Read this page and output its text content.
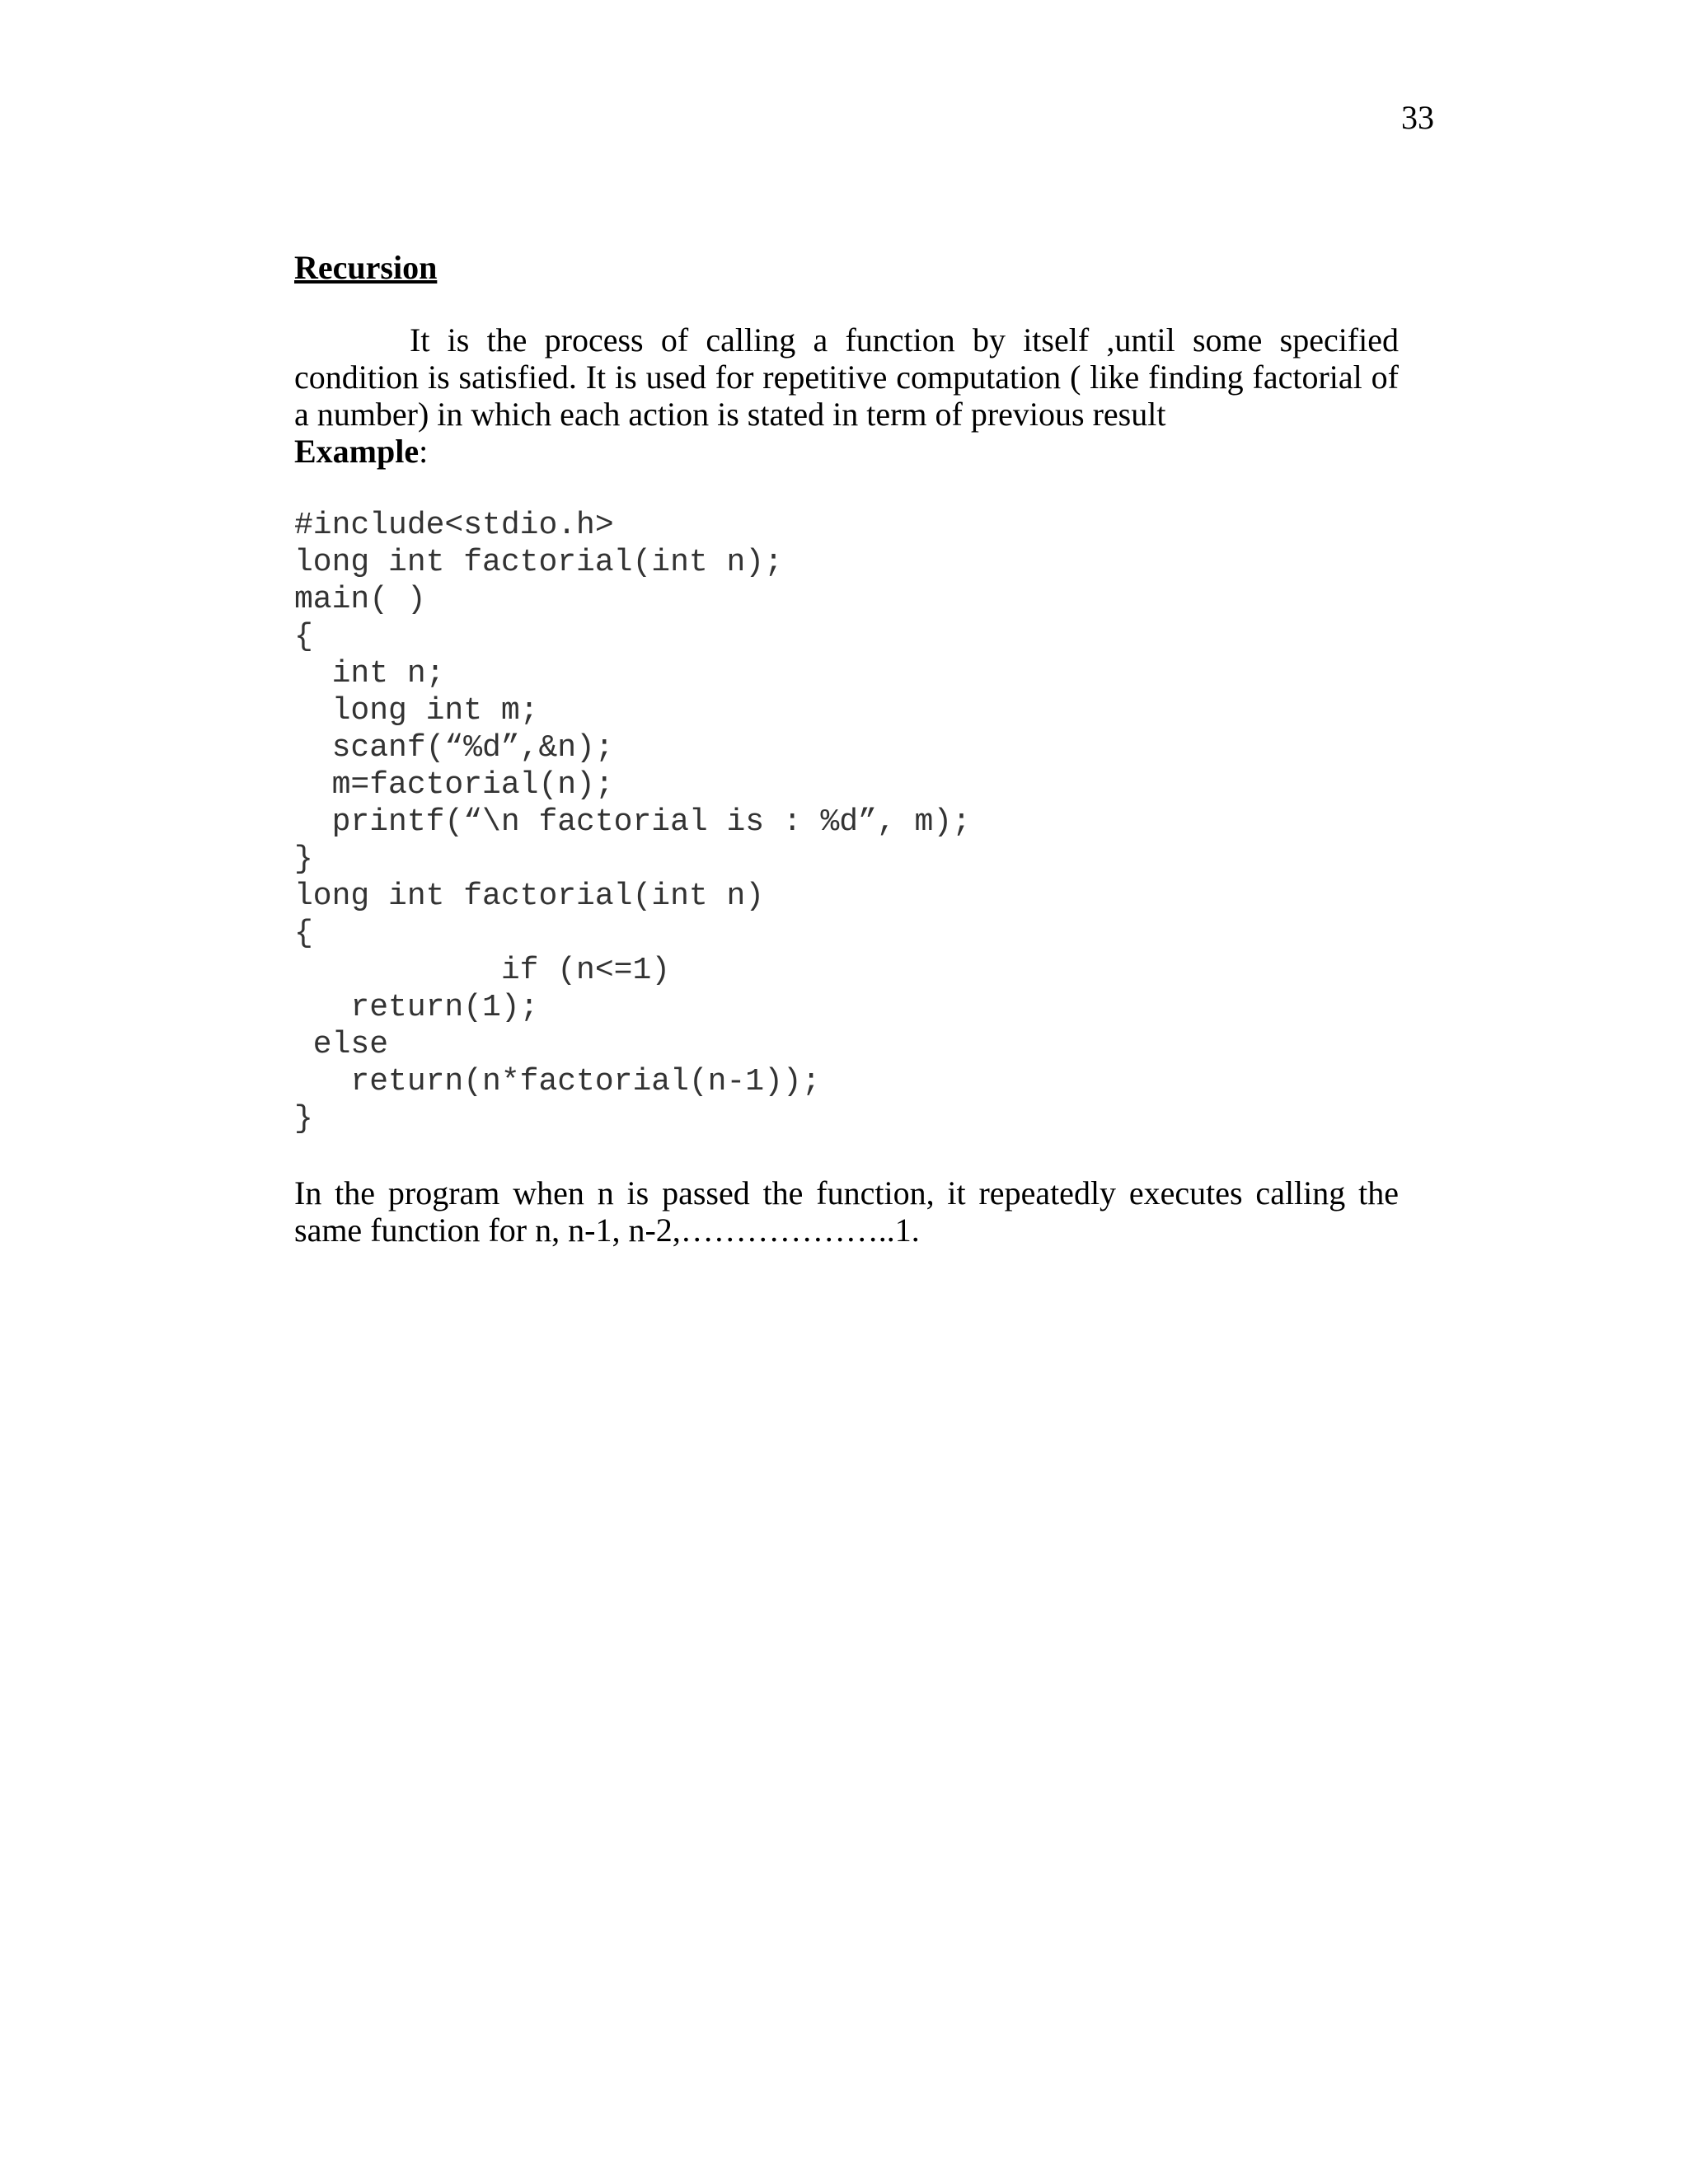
33
Recursion

It is the process of calling a function by itself ,until some specified condition is satisfied. It is used for repetitive computation ( like finding factorial of a number) in which each action is stated in term of previous result

Example:

#include<stdio.h>
long int factorial(int n);
main( )
{
int n;
long int m;
scanf(“%d”,&n);
m=factorial(n);
printf(“\n factorial is : %d”, m);
}
long int factorial(int n)
{
if (n<=1)
return(1);
else
return(n*factorial(n-1));
}

In the program when n is passed the function, it repeatedly executes calling the same function for n, n-1, n-2,………………..1.
